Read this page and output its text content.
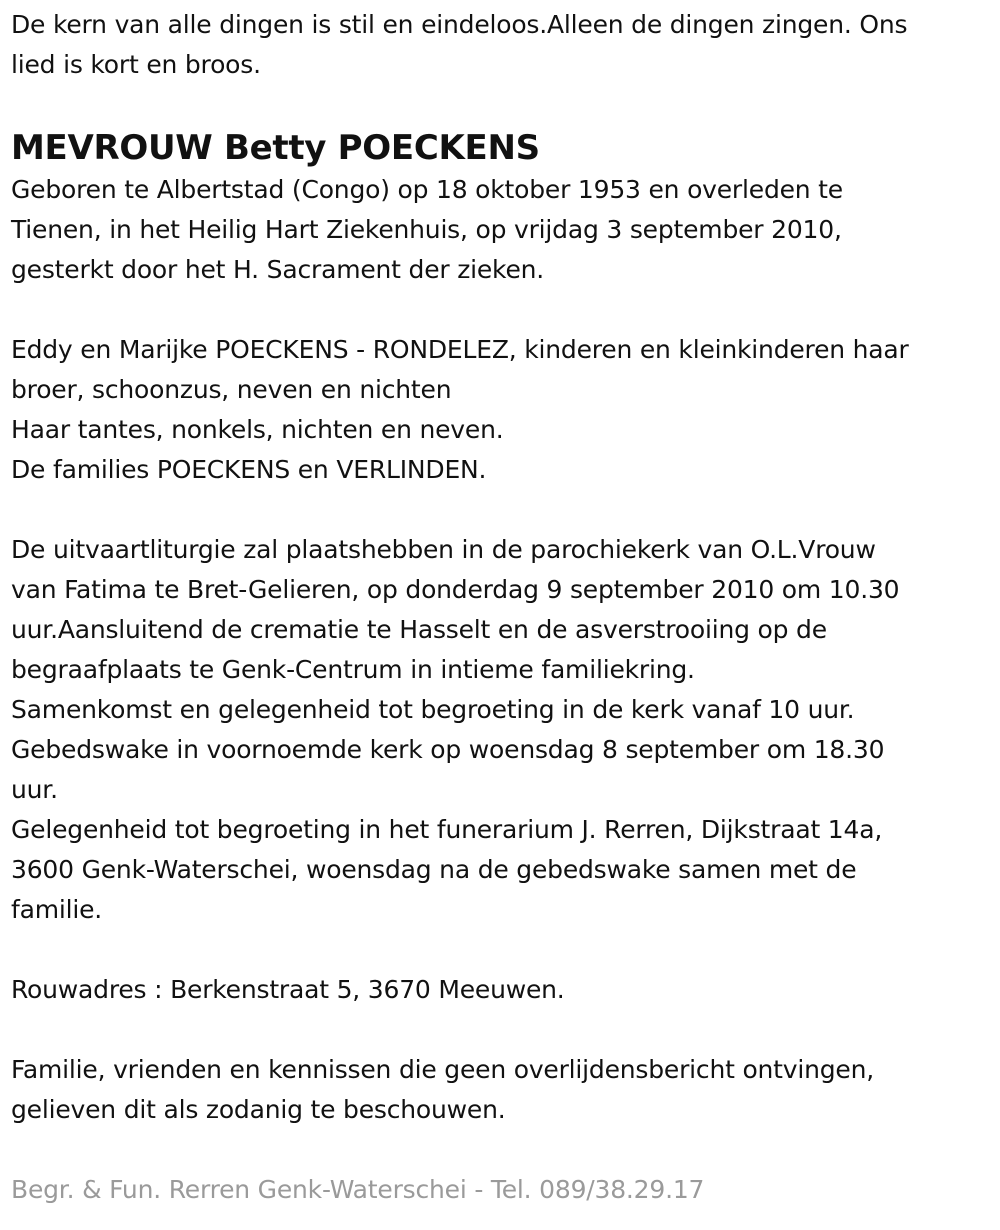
De kern van alle dingen is stil en eindeloos.Alleen de dingen zingen. Ons
lied is kort en broos.
MEVROUW Betty POECKENS
Geboren te Albertstad (Congo) op 18 oktober 1953 en overleden te
Tienen, in het Heilig Hart Ziekenhuis, op vrijdag 3 september 2010,
gesterkt door het H. Sacrament der zieken.
Eddy en Marijke POECKENS - RONDELEZ, kinderen en kleinkinderen haar
broer, schoonzus, neven en nichten
Haar tantes, nonkels, nichten en neven.
De families POECKENS en VERLINDEN.
De uitvaartliturgie zal plaatshebben in de parochiekerk van O.L.Vrouw
van Fatima te Bret-Gelieren, op donderdag 9 september 2010 om 10.30
uur.Aansluitend de crematie te Hasselt en de asverstrooiing op de
begraafplaats te Genk-Centrum in intieme familiekring.
Samenkomst en gelegenheid tot begroeting in de kerk vanaf 10 uur.
Gebedswake in voornoemde kerk op woensdag 8 september om 18.30
uur.
Gelegenheid tot begroeting in het funerarium J. Rerren, Dijkstraat 14a,
3600 Genk-Waterschei, woensdag na de gebedswake samen met de
familie.
Rouwadres : Berkenstraat 5, 3670 Meeuwen.
Familie, vrienden en kennissen die geen overlijdensbericht ontvingen,
gelieven dit als zodanig te beschouwen.
Begr. & Fun. Rerren Genk-Waterschei - Tel. 089/38.29.17
